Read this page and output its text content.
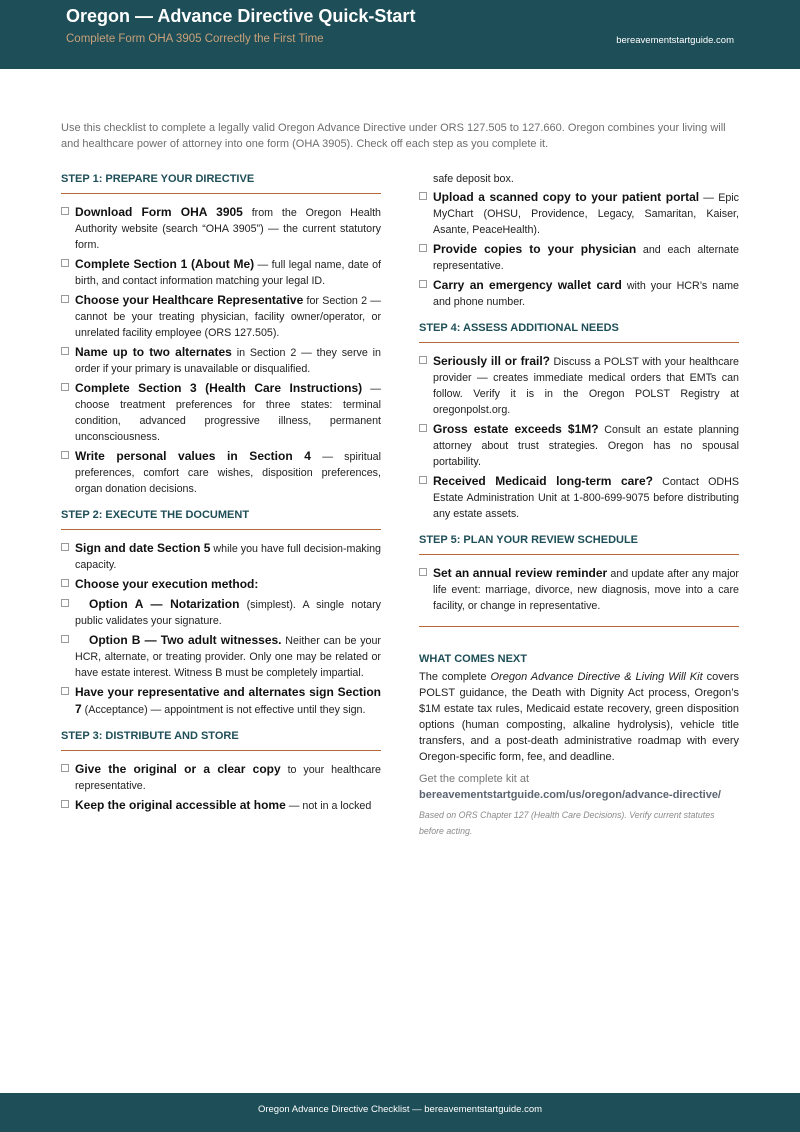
Oregon — Advance Directive Quick-Start
Complete Form OHA 3905 Correctly the First Time	bereavementstartguide.com
Use this checklist to complete a legally valid Oregon Advance Directive under ORS 127.505 to 127.660. Oregon combines your living will and healthcare power of attorney into one form (OHA 3905). Check off each step as you complete it.
STEP 1: PREPARE YOUR DIRECTIVE
Download Form OHA 3905 from the Oregon Health Authority website (search “OHA 3905”) — the current statutory form.
Complete Section 1 (About Me) — full legal name, date of birth, and contact information matching your legal ID.
Choose your Healthcare Representative for Section 2 — cannot be your treating physician, facility owner/operator, or unrelated facility employee (ORS 127.505).
Name up to two alternates in Section 2 — they serve in order if your primary is unavailable or disqualified.
Complete Section 3 (Health Care Instructions) — choose treatment preferences for three states: terminal condition, advanced progressive illness, permanent unconsciousness.
Write personal values in Section 4 — spiritual preferences, comfort care wishes, disposition preferences, organ donation decisions.
STEP 2: EXECUTE THE DOCUMENT
Sign and date Section 5 while you have full decision-making capacity.
Choose your execution method:
Option A — Notarization (simplest). A single notary public validates your signature.
Option B — Two adult witnesses. Neither can be your HCR, alternate, or treating provider. Only one may be related or have estate interest. Witness B must be completely impartial.
Have your representative and alternates sign Section 7 (Acceptance) — appointment is not effective until they sign.
STEP 3: DISTRIBUTE AND STORE
Give the original or a clear copy to your healthcare representative.
Keep the original accessible at home — not in a locked
safe deposit box.
Upload a scanned copy to your patient portal — Epic MyChart (OHSU, Providence, Legacy, Samaritan, Kaiser, Asante, PeaceHealth).
Provide copies to your physician and each alternate representative.
Carry an emergency wallet card with your HCR’s name and phone number.
STEP 4: ASSESS ADDITIONAL NEEDS
Seriously ill or frail? Discuss a POLST with your healthcare provider — creates immediate medical orders that EMTs can follow. Verify it is in the Oregon POLST Registry at oregonpolst.org.
Gross estate exceeds $1M? Consult an estate planning attorney about trust strategies. Oregon has no spousal portability.
Received Medicaid long-term care? Contact ODHS Estate Administration Unit at 1-800-699-9075 before distributing any estate assets.
STEP 5: PLAN YOUR REVIEW SCHEDULE
Set an annual review reminder and update after any major life event: marriage, divorce, new diagnosis, move into a care facility, or change in representative.
WHAT COMES NEXT

The complete Oregon Advance Directive & Living Will Kit covers POLST guidance, the Death with Dignity Act process, Oregon’s $1M estate tax rules, Medicaid estate recovery, green disposition options (human composting, alkaline hydrolysis), vehicle title transfers, and a post-death administrative roadmap with every Oregon-specific form, fee, and deadline.

Get the complete kit at
bereavementstartguide.com/us/oregon/advance-directive/
Based on ORS Chapter 127 (Health Care Decisions). Verify current statutes before acting.
Oregon Advance Directive Checklist — bereavementstartguide.com
